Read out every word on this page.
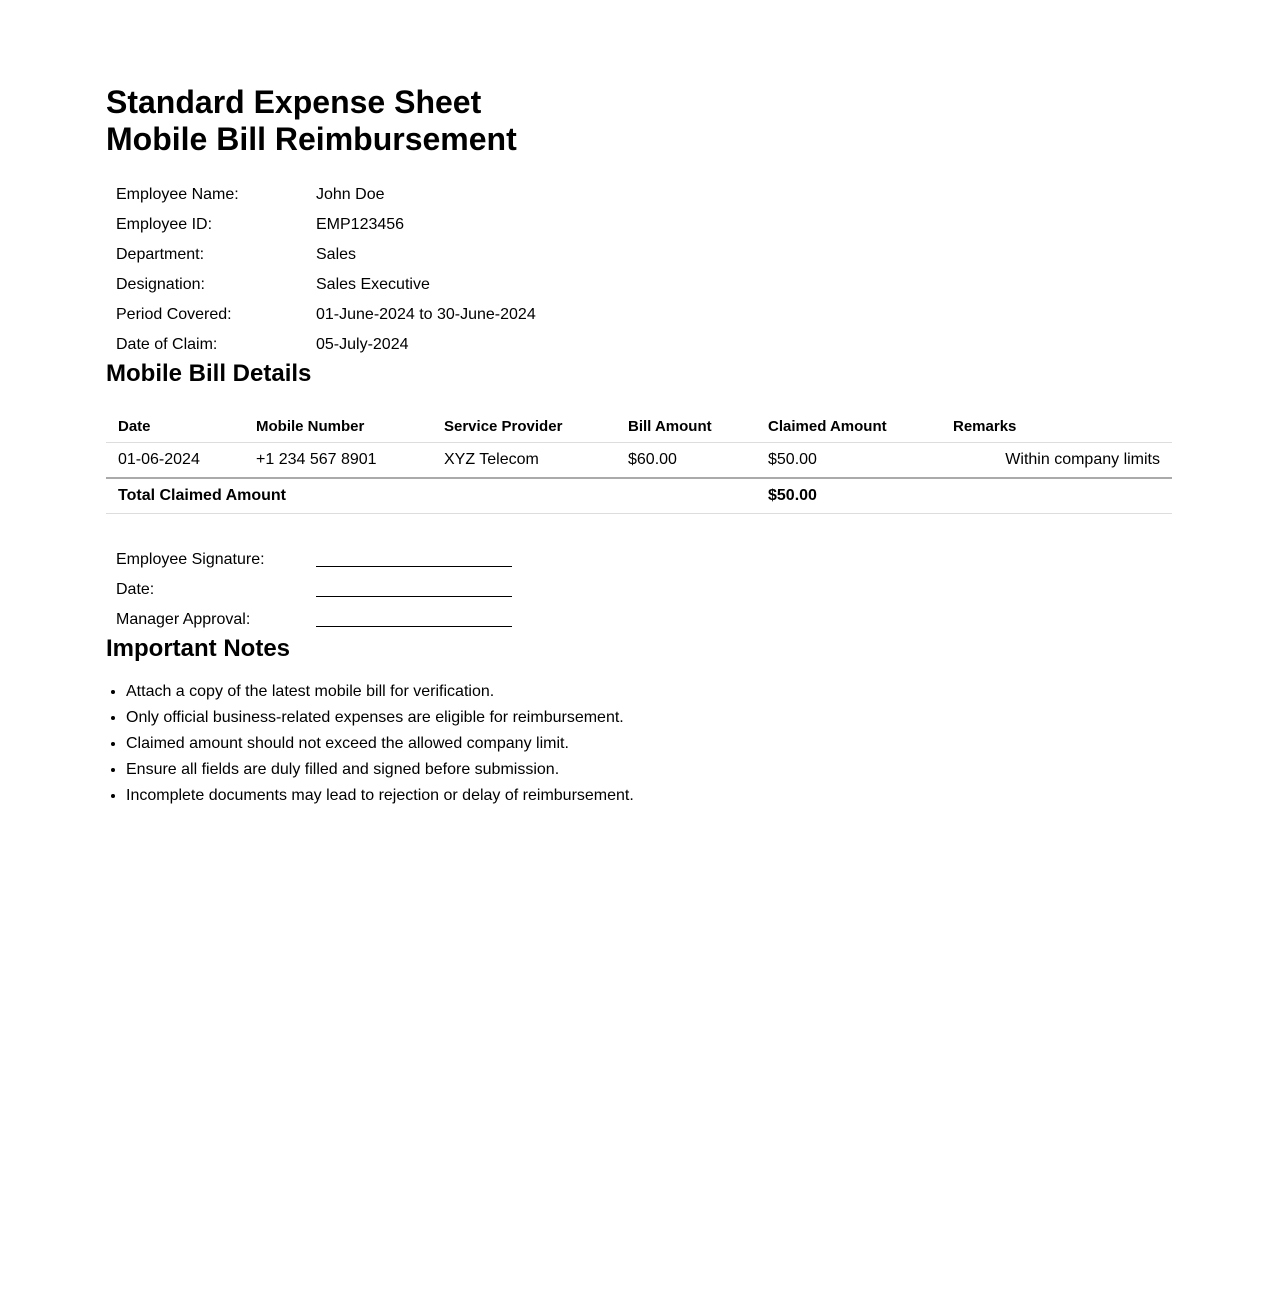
Standard Expense Sheet
Mobile Bill Reimbursement
Employee Name:	John Doe
Employee ID:	EMP123456
Department:	Sales
Designation:	Sales Executive
Period Covered:	01-June-2024 to 30-June-2024
Date of Claim:	05-July-2024
Mobile Bill Details
Date	Mobile Number	Service Provider	Bill Amount	Claimed Amount	Remarks
01-06-2024	+1 234 567 8901	XYZ Telecom	$60.00	$50.00	Within company limits
Total Claimed Amount				$50.00	
Employee Signature:	
Date:	
Manager Approval:	
Important Notes
• Attach a copy of the latest mobile bill for verification.
• Only official business-related expenses are eligible for reimbursement.
• Claimed amount should not exceed the allowed company limit.
• Ensure all fields are duly filled and signed before submission.
• Incomplete documents may lead to rejection or delay of reimbursement.
